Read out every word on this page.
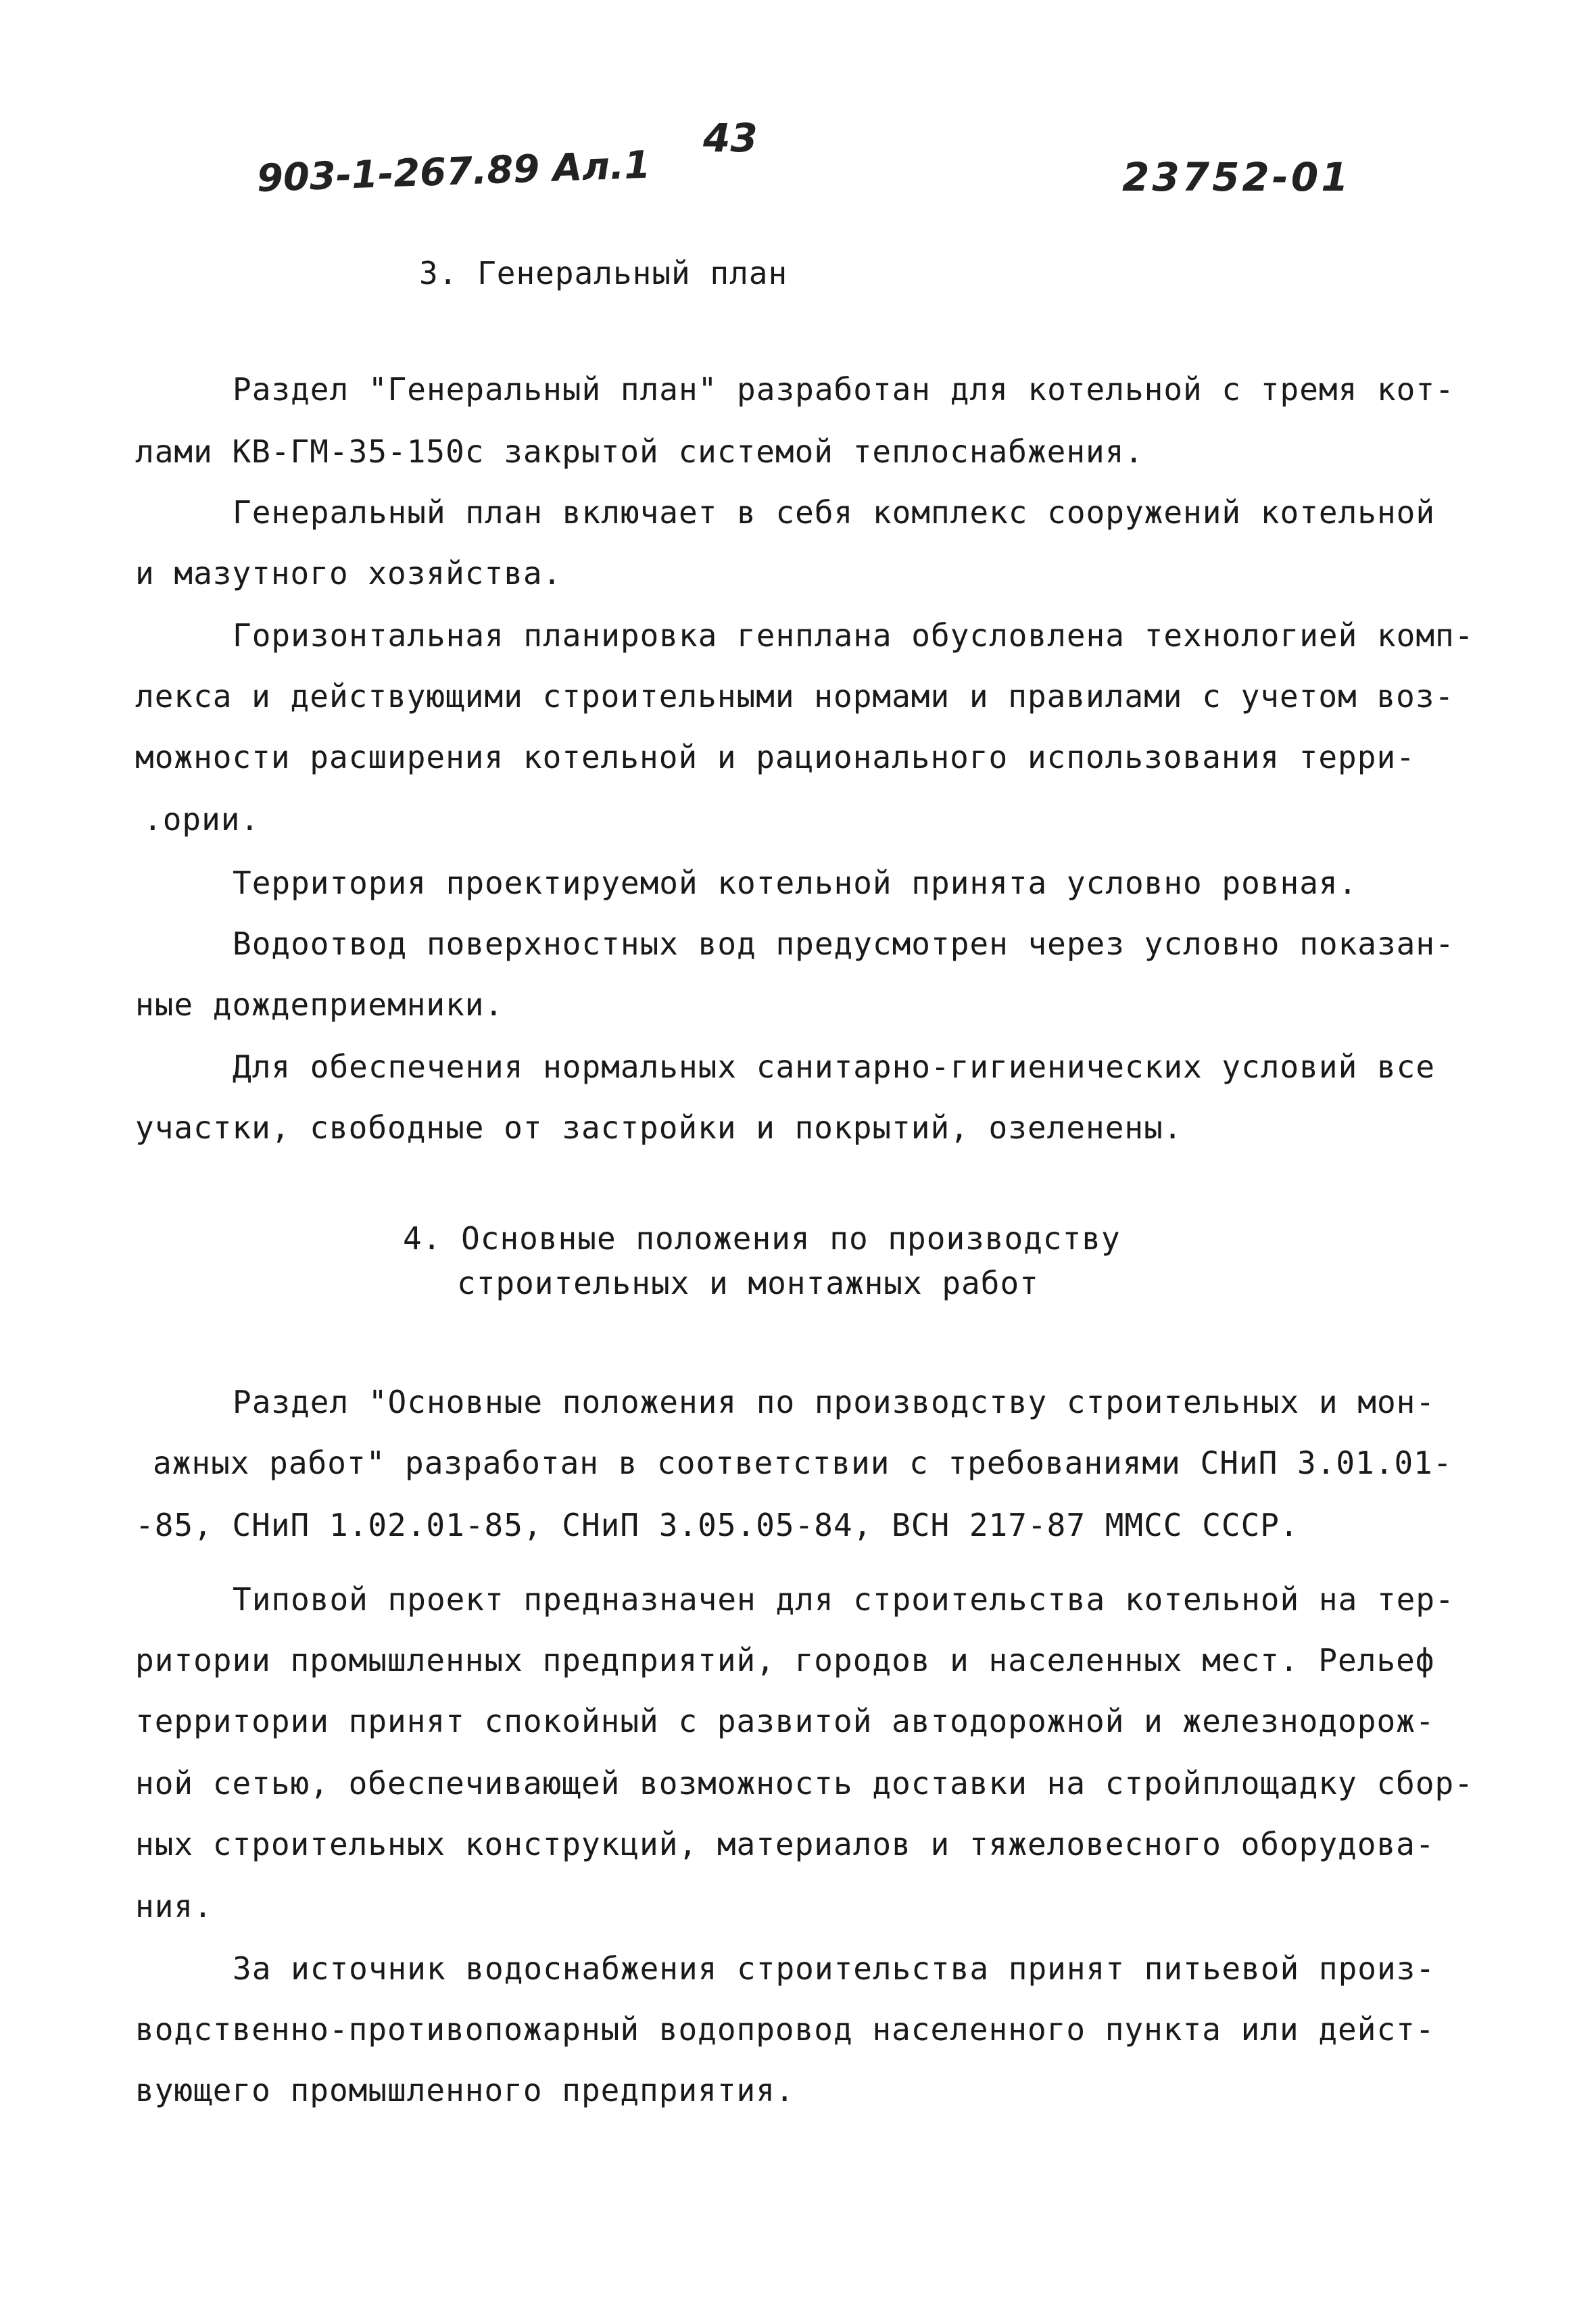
43
903-1-267.89 Ал.1	23752-01
3. Генеральный план
Раздел "Генеральный план" разработан для котельной с тремя кот-
лами КВ-ГМ-35-150с закрытой системой теплоснабжения.
Генеральный план включает в себя комплекс сооружений котельной
и мазутного хозяйства.
Горизонтальная планировка генплана обусловлена технологией комп-
лекса и действующими строительными нормами и правилами с учетом воз-
можности расширения котельной и рационального использования терри-
.ории.
Территория проектируемой котельной принята условно ровная.
Водоотвод поверхностных вод предусмотрен через условно показан-
ные дождеприемники.
Для обеспечения нормальных санитарно-гигиенических условий все
участки, свободные от застройки и покрытий, озеленены.
4. Основные положения по производству
строительных и монтажных работ
Раздел "Основные положения по производству строительных и мон-
ажных работ" разработан в соответствии с требованиями СНиП 3.01.01-
-85, СНиП 1.02.01-85, СНиП 3.05.05-84, ВСН 217-87 ММСС СССР.
Типовой проект предназначен для строительства котельной на тер-
ритории промышленных предприятий, городов и населенных мест. Рельеф
территории принят спокойный с развитой автодорожной и железнодорож-
ной сетью, обеспечивающей возможность доставки на стройплощадку сбор-
ных строительных конструкций, материалов и тяжеловесного оборудова-
ния.
За источник водоснабжения строительства принят питьевой произ-
водственно-противопожарный водопровод населенного пункта или дейст-
вующего промышленного предприятия.
